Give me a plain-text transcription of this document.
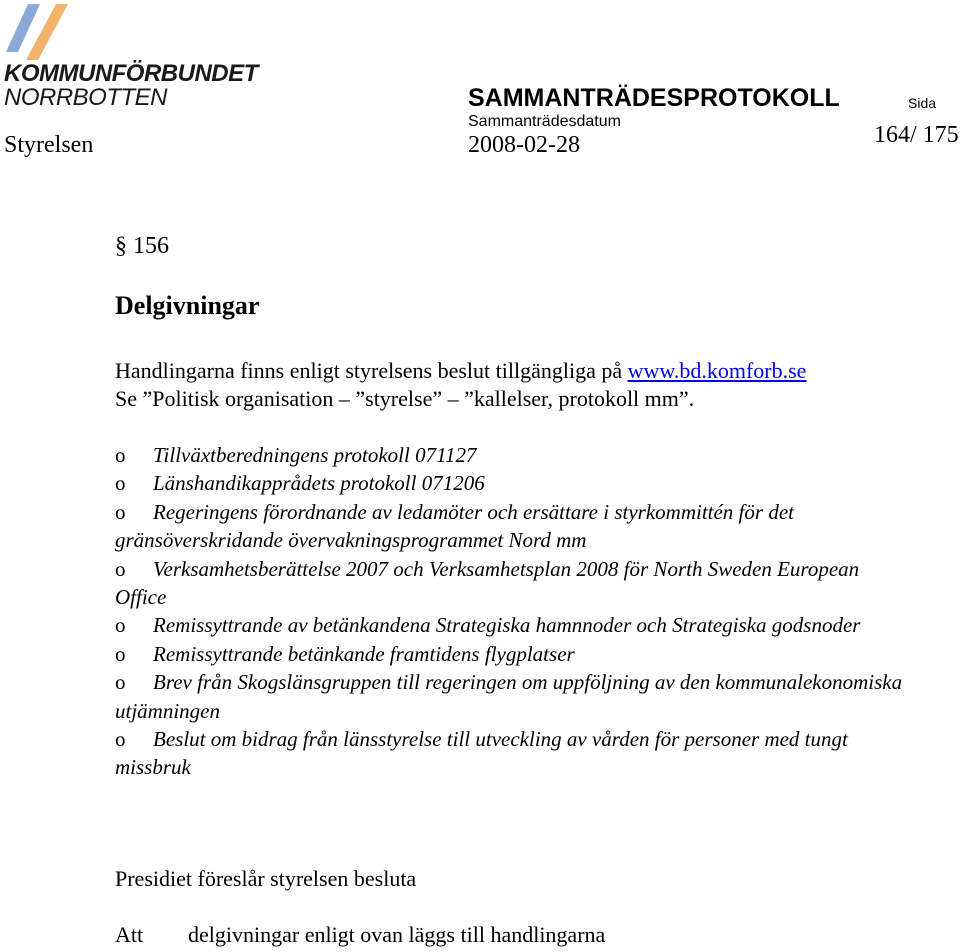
KOMMUNFÖRBUNDET
NORRBOTTEN	SAMMANTRÄDESPROTOKOLL
Sammanträdesdatum
Sida
Styrelsen	2008-02-28	164/ 175
§ 156
Delgivningar
Handlingarna finns enligt styrelsens beslut tillgängliga på www.bd.komforb.se
Se ”Politisk organisation – ”styrelse” – ”kallelser, protokoll mm”.
o Tillväxtberedningens protokoll 071127
o Länshandikapprådets protokoll 071206
o Regeringens förordnande av ledamöter och ersättare i styrkommittén för det gränsöverskridande övervakningsprogrammet Nord mm
o Verksamhetsberättelse 2007 och Verksamhetsplan 2008 för North Sweden European Office
o Remissyttrande av betänkandena Strategiska hamnnoder och Strategiska godsnoder
o Remissyttrande betänkande framtidens flygplatser
o Brev från Skogslänsgruppen till regeringen om uppföljning av den kommunalekonomiska utjämningen
o Beslut om bidrag från länsstyrelse till utveckling av vården för personer med tungt missbruk
Presidiet föreslår styrelsen besluta
Att delgivningar enligt ovan läggs till handlingarna
